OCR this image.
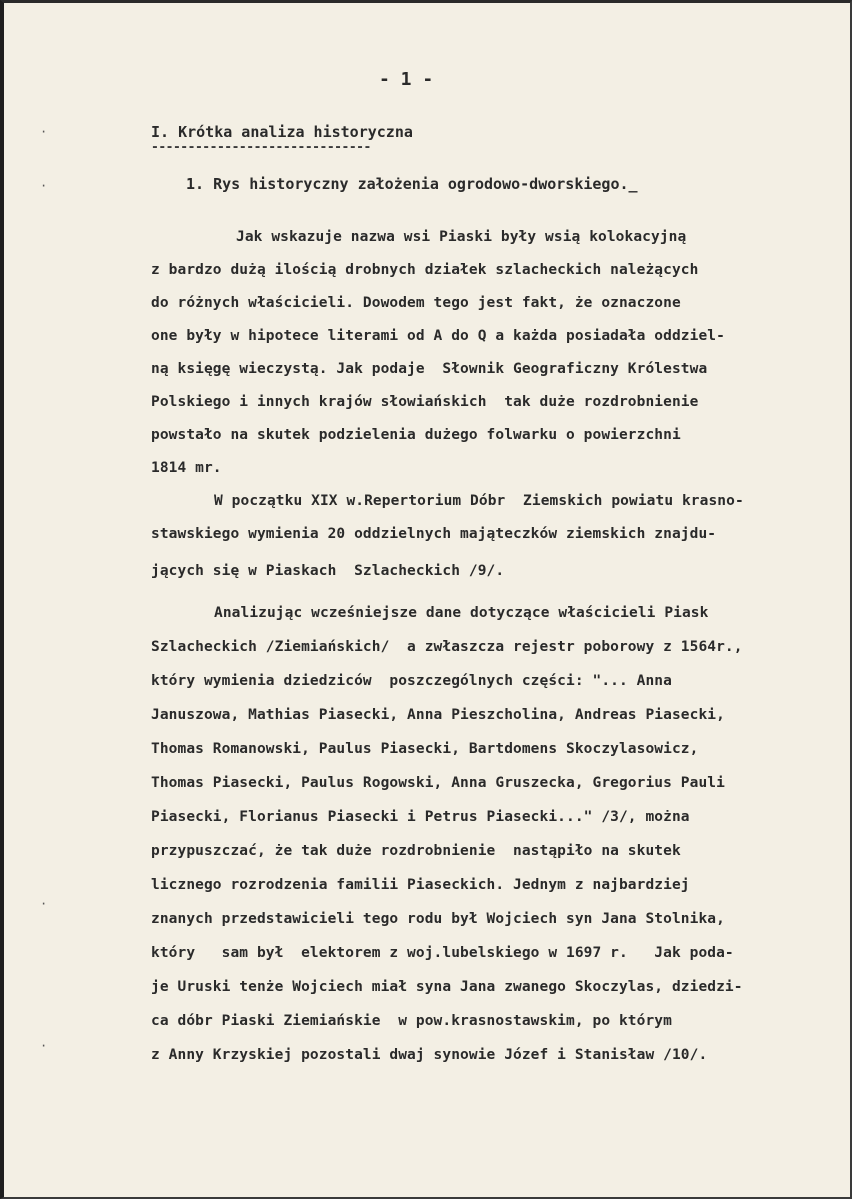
- 1 -
I. Krótka analiza historyczna
------------------------------
1. Rys historyczny założenia ogrodowo-dworskiego._
Jak wskazuje nazwa wsi Piaski były wsią kolokacyjną
z bardzo dużą ilością drobnych działek szlacheckich należących
do różnych właścicieli. Dowodem tego jest fakt, że oznaczone
one były w hipotece literami od A do Q a każda posiadała oddziel-
ną księgę wieczystą. Jak podaje  Słownik Geograficzny Królestwa
Polskiego i innych krajów słowiańskich  tak duże rozdrobnienie
powstało na skutek podzielenia dużego folwarku o powierzchni
1814 mr.
W początku XIX w.Repertorium Dóbr  Ziemskich powiatu krasno-
stawskiego wymienia 20 oddzielnych mająteczków ziemskich znajdu-
jących się w Piaskach  Szlacheckich /9/.
Analizując wcześniejsze dane dotyczące właścicieli Piask
Szlacheckich /Ziemiańskich/  a zwłaszcza rejestr poborowy z 1564r.,
który wymienia dziedziców  poszczególnych części: "... Anna
Januszowa, Mathias Piasecki, Anna Pieszcholina, Andreas Piasecki,
Thomas Romanowski, Paulus Piasecki, Bartdomens Skoczylasowicz,
Thomas Piasecki, Paulus Rogowski, Anna Gruszecka, Gregorius Pauli
Piasecki, Florianus Piasecki i Petrus Piasecki..." /3/, można
przypuszczać, że tak duże rozdrobnienie  nastąpiło na skutek
licznego rozrodzenia familii Piaseckich. Jednym z najbardziej
znanych przedstawicieli tego rodu był Wojciech syn Jana Stolnika,
który   sam był  elektorem z woj.lubelskiego w 1697 r.   Jak poda-
je Uruski tenże Wojciech miał syna Jana zwanego Skoczylas, dziedzi-
ca dóbr Piaski Ziemiańskie  w pow.krasnostawskim, po którym
z Anny Krzyskiej pozostali dwaj synowie Józef i Stanisław /10/.
·
·
·
·
